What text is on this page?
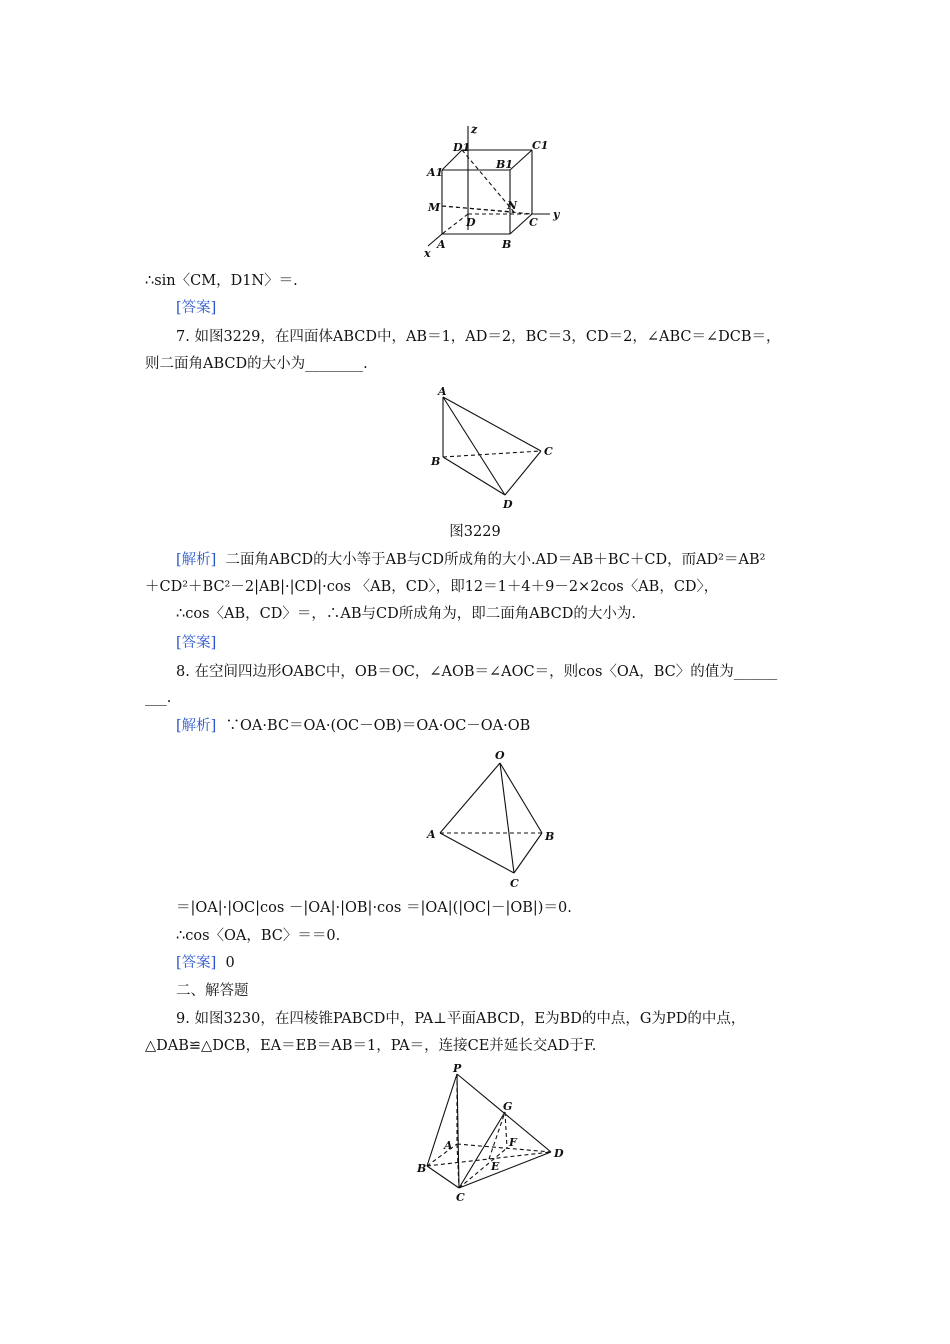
z
D1	C1
B1
A1
M	N
y
D	C
A	B
x
∴sin〈CM，D1N〉＝.
[答案]
7. 如图3229，在四面体ABCD中，AB＝1，AD＝2，BC＝3，CD＝2，∠ABC＝∠DCB＝，
则二面角ABCD的大小为________.
A
C
B
D
图3229
[解析] 二面角ABCD的大小等于AB与CD所成角的大小.AD＝AB＋BC＋CD，而AD²＝AB²
＋CD²＋BC²－2|AB|·|CD|·cos 〈AB，CD〉，即12＝1＋4＋9－2×2cos〈AB，CD〉，
∴cos〈AB，CD〉＝，∴AB与CD所成角为，即二面角ABCD的大小为.
[答案]
8. 在空间四边形OABC中，OB＝OC，∠AOB＝∠AOC＝，则cos〈OA，BC〉的值为______
___.
[解析] ∵OA·BC＝OA·(OC－OB)＝OA·OC－OA·OB
O
A	B
C
＝|OA|·|OC|cos －|OA|·|OB|·cos ＝|OA|(|OC|－|OB|)＝0.
∴cos〈OA，BC〉＝＝0.
[答案] 0
二、解答题
9. 如图3230，在四棱锥PABCD中，PA⊥平面ABCD，E为BD的中点，G为PD的中点，
△DAB≌△DCB，EA＝EB＝AB＝1，PA＝，连接CE并延长交AD于F.
P
G
A	F
B	E
D
C
